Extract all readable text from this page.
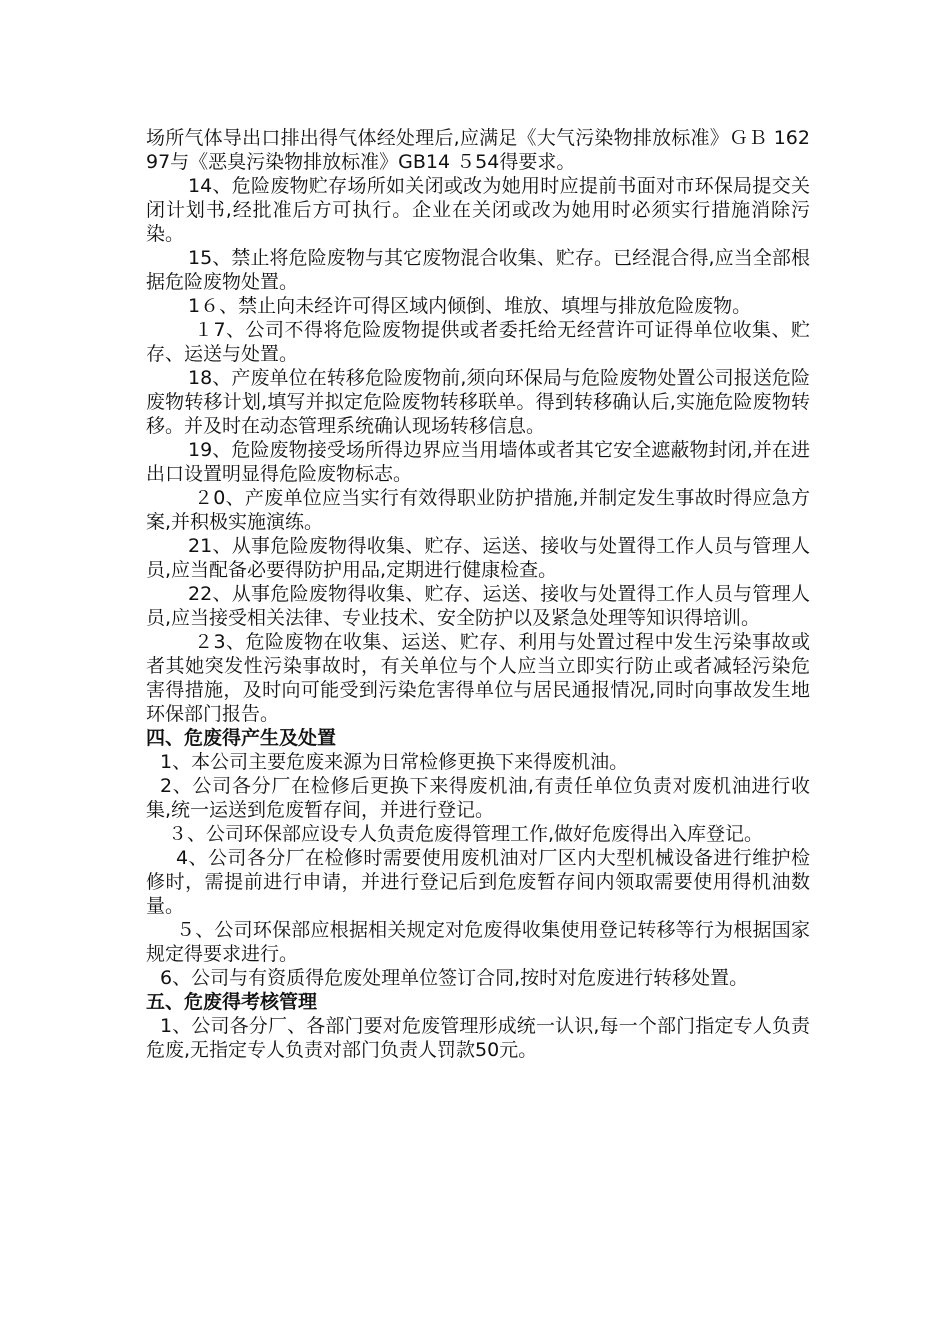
场所气体导出口排出得气体经处理后,应满足《大气污染物排放标准》ＧＢ 16297与《恶臭污染物排放标准》GB14 ５54得要求。

14、危险废物贮存场所如关闭或改为她用时应提前书面对市环保局提交关闭计划书,经批准后方可执行。企业在关闭或改为她用时必须实行措施消除污染。

15、禁止将危险废物与其它废物混合收集、贮存。已经混合得,应当全部根据危险废物处置。

1６、禁止向未经许可得区域内倾倒、堆放、填埋与排放危险废物。

１7、公司不得将危险废物提供或者委托给无经营许可证得单位收集、贮存、运送与处置。

18、产废单位在转移危险废物前,须向环保局与危险废物处置公司报送危险废物转移计划,填写并拟定危险废物转移联单。得到转移确认后,实施危险废物转移。并及时在动态管理系统确认现场转移信息。

19、危险废物接受场所得边界应当用墙体或者其它安全遮蔽物封闭,并在进出口设置明显得危险废物标志。

２0、产废单位应当实行有效得职业防护措施,并制定发生事故时得应急方案,并积极实施演练。

21、从事危险废物得收集、贮存、运送、接收与处置得工作人员与管理人员,应当配备必要得防护用品,定期进行健康检查。

22、从事危险废物得收集、贮存、运送、接收与处置得工作人员与管理人员,应当接受相关法律、专业技术、安全防护以及紧急处理等知识得培训。

２3、危险废物在收集、运送、贮存、利用与处置过程中发生污染事故或者其她突发性污染事故时，有关单位与个人应当立即实行防止或者减轻污染危害得措施，及时向可能受到污染危害得单位与居民通报情况,同时向事故发生地环保部门报告。

四、危废得产生及处置

1、本公司主要危废来源为日常检修更换下来得废机油。

2、公司各分厂在检修后更换下来得废机油,有责任单位负责对废机油进行收集,统一运送到危废暂存间，并进行登记。

３、公司环保部应设专人负责危废得管理工作,做好危废得出入库登记。

4、公司各分厂在检修时需要使用废机油对厂区内大型机械设备进行维护检修时，需提前进行申请，并进行登记后到危废暂存间内领取需要使用得机油数量。

５、公司环保部应根据相关规定对危废得收集使用登记转移等行为根据国家规定得要求进行。

6、公司与有资质得危废处理单位签订合同,按时对危废进行转移处置。

五、危废得考核管理

1、公司各分厂、各部门要对危废管理形成统一认识,每一个部门指定专人负责危废,无指定专人负责对部门负责人罚款50元。
